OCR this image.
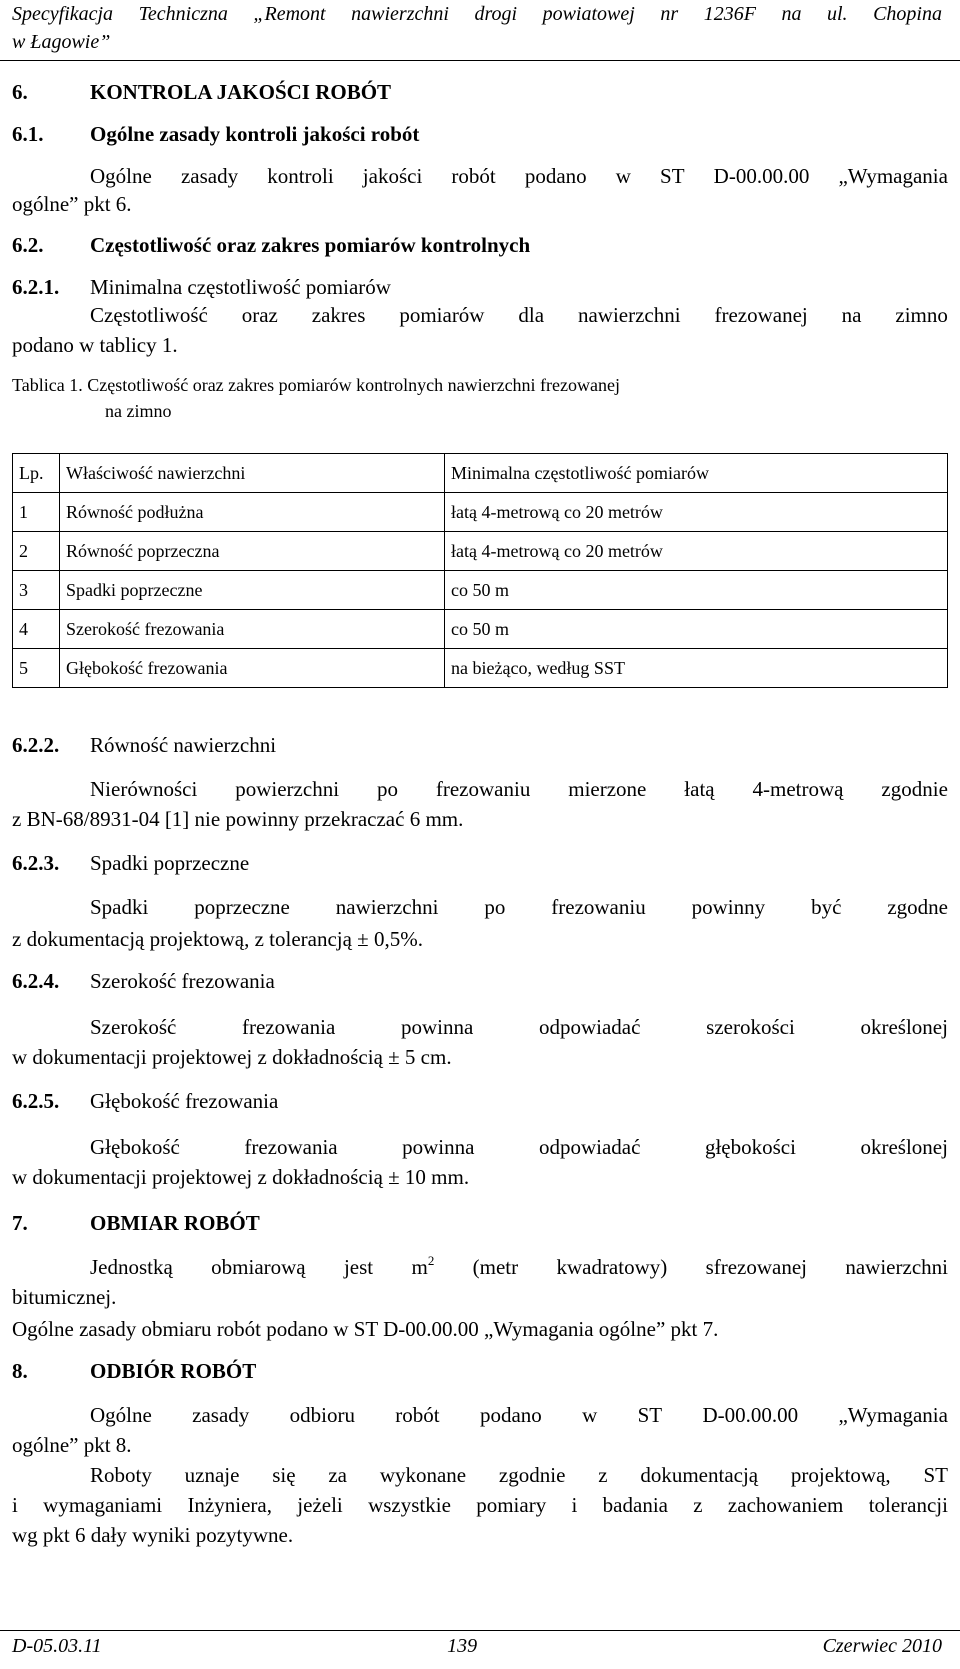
Specyfikacja Techniczna „Remont nawierzchni drogi powiatowej nr 1236F na ul. Chopina
w Łagowie”
6.	KONTROLA JAKOŚCI ROBÓT
6.1. Ogólne zasady kontroli jakości robót
Ogólne zasady kontroli jakości robót podano w ST D-00.00.00 „Wymagania
ogólne” pkt 6.
6.2. Częstotliwość oraz zakres pomiarów kontrolnych
6.2.1. Minimalna częstotliwość pomiarów
Częstotliwość oraz zakres pomiarów dla nawierzchni frezowanej na zimno
podano w tablicy 1.
Tablica 1. Częstotliwość oraz zakres pomiarów kontrolnych nawierzchni frezowanej
na zimno
Lp.	Właściwość nawierzchni	Minimalna częstotliwość pomiarów
1	Równość podłużna	łatą 4-metrową co 20 metrów
2	Równość poprzeczna	łatą 4-metrową co 20 metrów
3	Spadki poprzeczne	co 50 m
4	Szerokość frezowania	co 50 m
5	Głębokość frezowania	na bieżąco, według SST
6.2.2. Równość nawierzchni
Nierówności powierzchni po frezowaniu mierzone łatą 4-metrową zgodnie
z BN-68/8931-04 [1] nie powinny przekraczać 6 mm.
6.2.3. Spadki poprzeczne
Spadki poprzeczne nawierzchni po frezowaniu powinny być zgodne
z dokumentacją projektową, z tolerancją ± 0,5%.
6.2.4. Szerokość frezowania
Szerokość	frezowania	powinna	odpowiadać	szerokości	określonej
w dokumentacji projektowej z dokładnością ± 5 cm.
6.2.5. Głębokość frezowania
Głębokość	frezowania	powinna	odpowiadać	głębokości	określonej
w dokumentacji projektowej z dokładnością ± 10 mm.
7.	OBMIAR ROBÓT
Jednostką obmiarową jest $m^2$ (metr kwadratowy) sfrezowanej nawierzchni
bitumicznej.
Ogólne zasady obmiaru robót podano w ST D-00.00.00 „Wymagania ogólne” pkt 7.
8.	ODBIÓR ROBÓT
Ogólne zasady odbioru robót podano w ST D-00.00.00 „Wymagania
ogólne” pkt 8.
Roboty uznaje się za wykonane zgodnie z dokumentacją projektową, ST
i wymaganiami Inżyniera, jeżeli wszystkie pomiary i badania z zachowaniem tolerancji
wg pkt 6 dały wyniki pozytywne.
D-05.03.11	139	Czerwiec 2010
